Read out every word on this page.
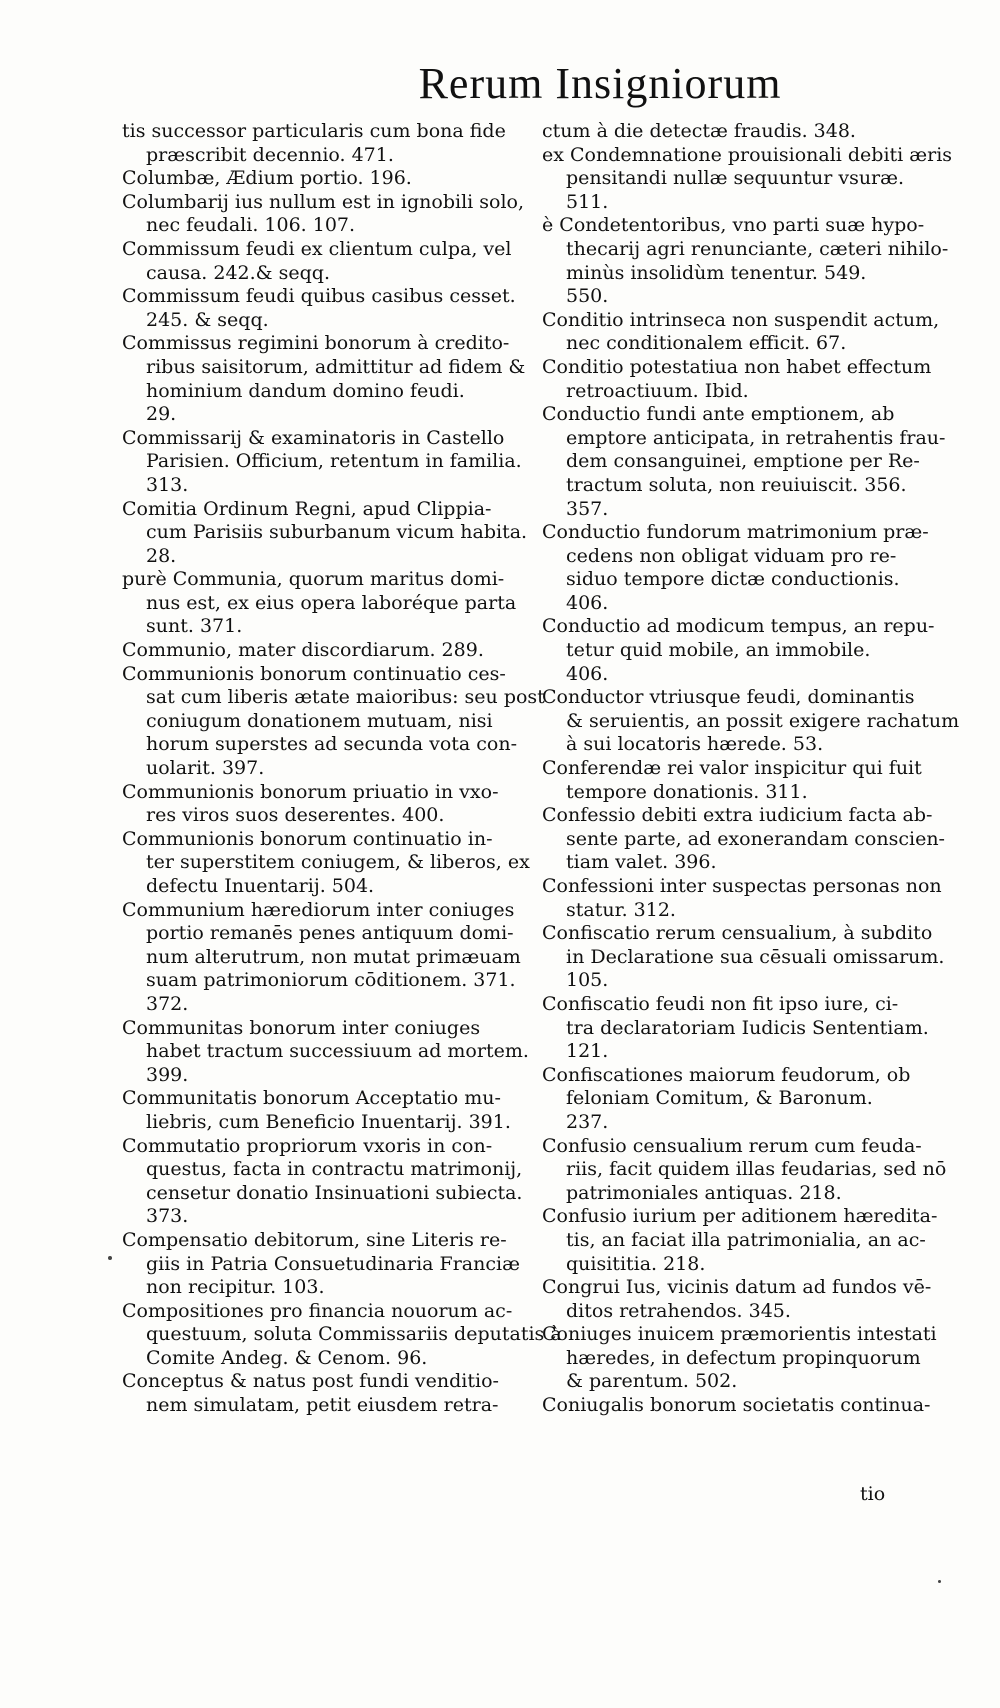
Rerum Insigniorum
tis successor particularis cum bona fide
præscribit decennio. 471.
Columbæ, Ædium portio. 196.
Columbarij ius nullum est in ignobili solo,
nec feudali. 106. 107.
Commissum feudi ex clientum culpa, vel
causa. 242.& seqq.
Commissum feudi quibus casibus cesset.
245. & seqq.
Commissus regimini bonorum à credito-
ribus saisitorum, admittitur ad fidem &
hominium dandum domino feudi.
29.
Commissarij & examinatoris in Castello
Parisien. Officium, retentum in familia.
313.
Comitia Ordinum Regni, apud Clippia-
cum Parisiis suburbanum vicum habita.
28.
purè Communia, quorum maritus domi-
nus est, ex eius opera laboréque parta
sunt. 371.
Communio, mater discordiarum. 289.
Communionis bonorum continuatio ces-
sat cum liberis ætate maioribus: seu post
coniugum donationem mutuam, nisi
horum superstes ad secunda vota con-
uolarit. 397.
Communionis bonorum priuatio in vxo-
res viros suos deserentes. 400.
Communionis bonorum continuatio in-
ter superstitem coniugem, & liberos, ex
defectu Inuentarij. 504.
Communium hærediorum inter coniuges
portio remanēs penes antiquum domi-
num alterutrum, non mutat primæuam
suam patrimoniorum cōditionem. 371.
372.
Communitas bonorum inter coniuges
habet tractum successiuum ad mortem.
399.
Communitatis bonorum Acceptatio mu-
liebris, cum Beneficio Inuentarij. 391.
Commutatio propriorum vxoris in con-
questus, facta in contractu matrimonij,
censetur donatio Insinuationi subiecta.
373.
Compensatio debitorum, sine Literis re-
giis in Patria Consuetudinaria Franciæ
non recipitur. 103.
Compositiones pro financia nouorum ac-
questuum, soluta Commissariis deputatis à
Comite Andeg. & Cenom. 96.
Conceptus & natus post fundi venditio-
nem simulatam, petit eiusdem retra-
ctum à die detectæ fraudis. 348.
ex Condemnatione prouisionali debiti æris
pensitandi nullæ sequuntur vsuræ.
511.
è Condetentoribus, vno parti suæ hypo-
thecarij agri renunciante, cæteri nihilo-
minùs insolidùm tenentur. 549.
550.
Conditio intrinseca non suspendit actum,
nec conditionalem efficit. 67.
Conditio potestatiua non habet effectum
retroactiuum. Ibid.
Conductio fundi ante emptionem, ab
emptore anticipata, in retrahentis frau-
dem consanguinei, emptione per Re-
tractum soluta, non reuiuiscit. 356.
357.
Conductio fundorum matrimonium præ-
cedens non obligat viduam pro re-
siduo tempore dictæ conductionis.
406.
Conductio ad modicum tempus, an repu-
tetur quid mobile, an immobile.
406.
Conductor vtriusque feudi, dominantis
& seruientis, an possit exigere rachatum
à sui locatoris hærede. 53.
Conferendæ rei valor inspicitur qui fuit
tempore donationis. 311.
Confessio debiti extra iudicium facta ab-
sente parte, ad exonerandam conscien-
tiam valet. 396.
Confessioni inter suspectas personas non
statur. 312.
Confiscatio rerum censualium, à subdito
in Declaratione sua cēsuali omissarum.
105.
Confiscatio feudi non fit ipso iure, ci-
tra declaratoriam Iudicis Sententiam.
121.
Confiscationes maiorum feudorum, ob
feloniam Comitum, & Baronum.
237.
Confusio censualium rerum cum feuda-
riis, facit quidem illas feudarias, sed nō
patrimoniales antiquas. 218.
Confusio iurium per aditionem hæredita-
tis, an faciat illa patrimonialia, an ac-
quisititia. 218.
Congrui Ius, vicinis datum ad fundos vē-
ditos retrahendos. 345.
Coniuges inuicem præmorientis intestati
hæredes, in defectum propinquorum
& parentum. 502.
Coniugalis bonorum societatis continua-
tio
